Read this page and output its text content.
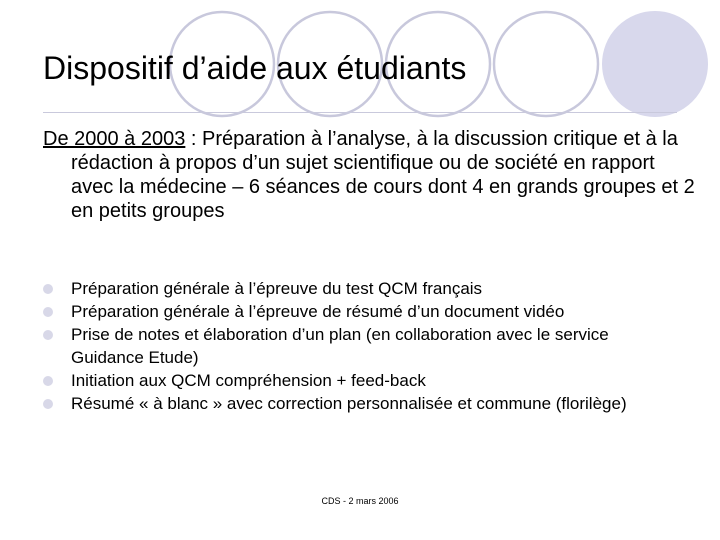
Dispositif d’aide aux étudiants
De 2000 à 2003 : Préparation à l’analyse, à la discussion critique et à la rédaction à propos d’un sujet scientifique ou de société en rapport avec la médecine – 6 séances de cours dont 4 en grands groupes et 2 en petits groupes
Préparation générale à l’épreuve du test QCM français
Préparation générale à l’épreuve de résumé d’un document vidéo
Prise de notes et élaboration d’un plan (en collaboration avec le service Guidance Etude)
Initiation aux QCM compréhension + feed-back
Résumé « à blanc » avec correction personnalisée et commune (florilège)
CDS - 2 mars 2006
